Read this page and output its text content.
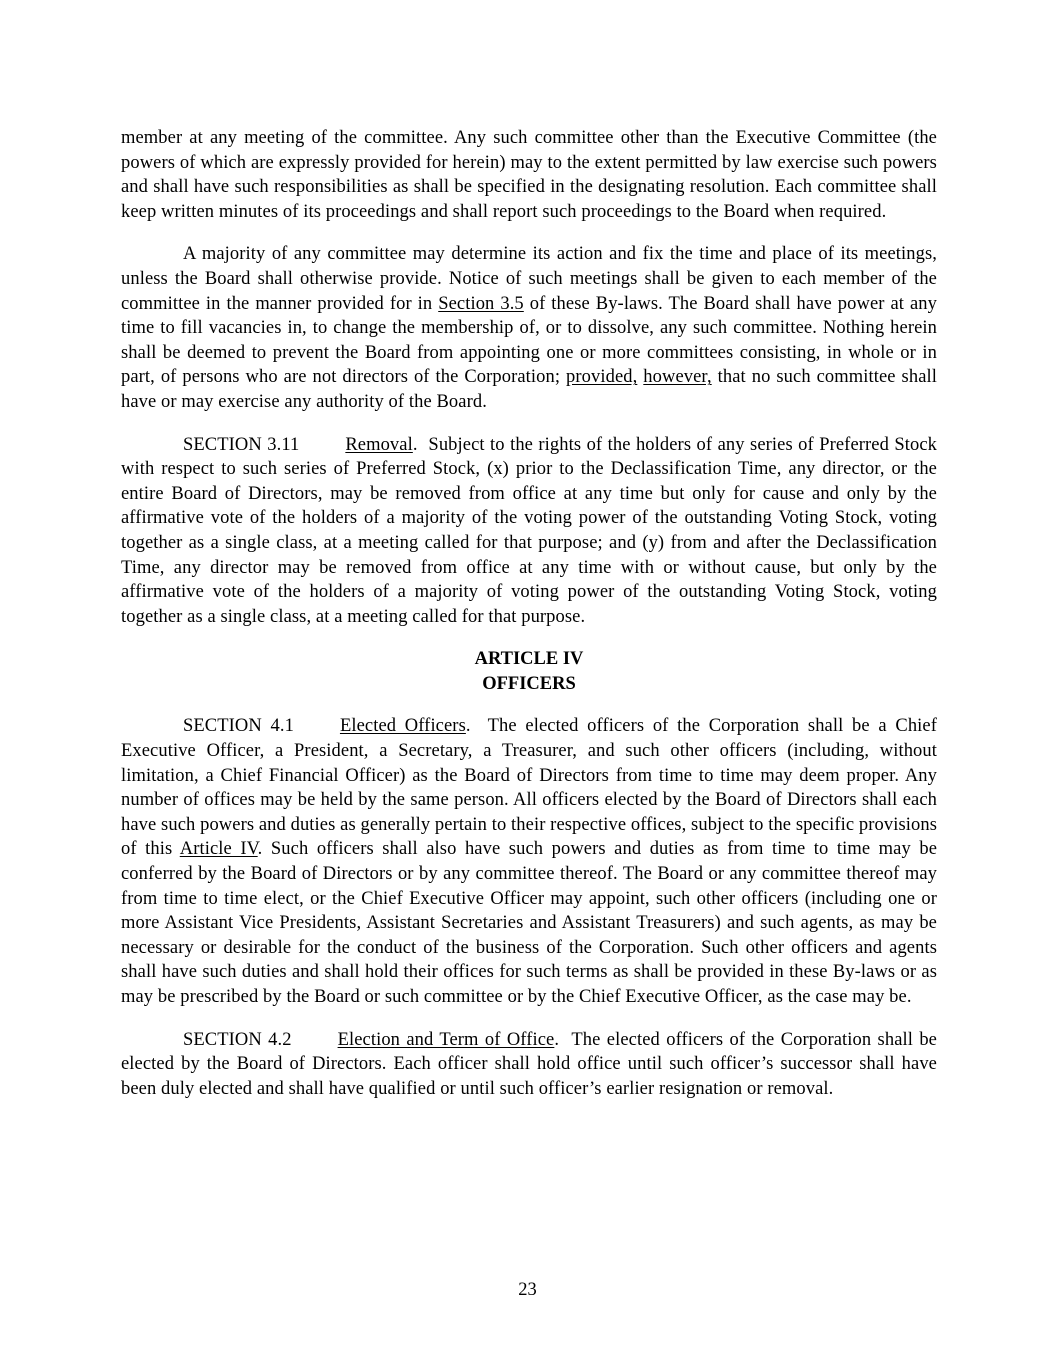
member at any meeting of the committee. Any such committee other than the Executive Committee (the powers of which are expressly provided for herein) may to the extent permitted by law exercise such powers and shall have such responsibilities as shall be specified in the designating resolution. Each committee shall keep written minutes of its proceedings and shall report such proceedings to the Board when required.

A majority of any committee may determine its action and fix the time and place of its meetings, unless the Board shall otherwise provide. Notice of such meetings shall be given to each member of the committee in the manner provided for in Section 3.5 of these By-laws. The Board shall have power at any time to fill vacancies in, to change the membership of, or to dissolve, any such committee. Nothing herein shall be deemed to prevent the Board from appointing one or more committees consisting, in whole or in part, of persons who are not directors of the Corporation; provided, however, that no such committee shall have or may exercise any authority of the Board.

SECTION 3.11 Removal.  Subject to the rights of the holders of any series of Preferred Stock with respect to such series of Preferred Stock, (x) prior to the Declassification Time, any director, or the entire Board of Directors, may be removed from office at any time but only for cause and only by the affirmative vote of the holders of a majority of the voting power of the outstanding Voting Stock, voting together as a single class, at a meeting called for that purpose; and (y) from and after the Declassification Time, any director may be removed from office at any time with or without cause, but only by the affirmative vote of the holders of a majority of voting power of the outstanding Voting Stock, voting together as a single class, at a meeting called for that purpose.

ARTICLE IV
OFFICERS

SECTION 4.1 Elected Officers.  The elected officers of the Corporation shall be a Chief Executive Officer, a President, a Secretary, a Treasurer, and such other officers (including, without limitation, a Chief Financial Officer) as the Board of Directors from time to time may deem proper. Any number of offices may be held by the same person. All officers elected by the Board of Directors shall each have such powers and duties as generally pertain to their respective offices, subject to the specific provisions of this Article IV. Such officers shall also have such powers and duties as from time to time may be conferred by the Board of Directors or by any committee thereof. The Board or any committee thereof may from time to time elect, or the Chief Executive Officer may appoint, such other officers (including one or more Assistant Vice Presidents, Assistant Secretaries and Assistant Treasurers) and such agents, as may be necessary or desirable for the conduct of the business of the Corporation. Such other officers and agents shall have such duties and shall hold their offices for such terms as shall be provided in these By-laws or as may be prescribed by the Board or such committee or by the Chief Executive Officer, as the case may be.

SECTION 4.2 Election and Term of Office.  The elected officers of the Corporation shall be elected by the Board of Directors. Each officer shall hold office until such officer’s successor shall have been duly elected and shall have qualified or until such officer’s earlier resignation or removal.

23
